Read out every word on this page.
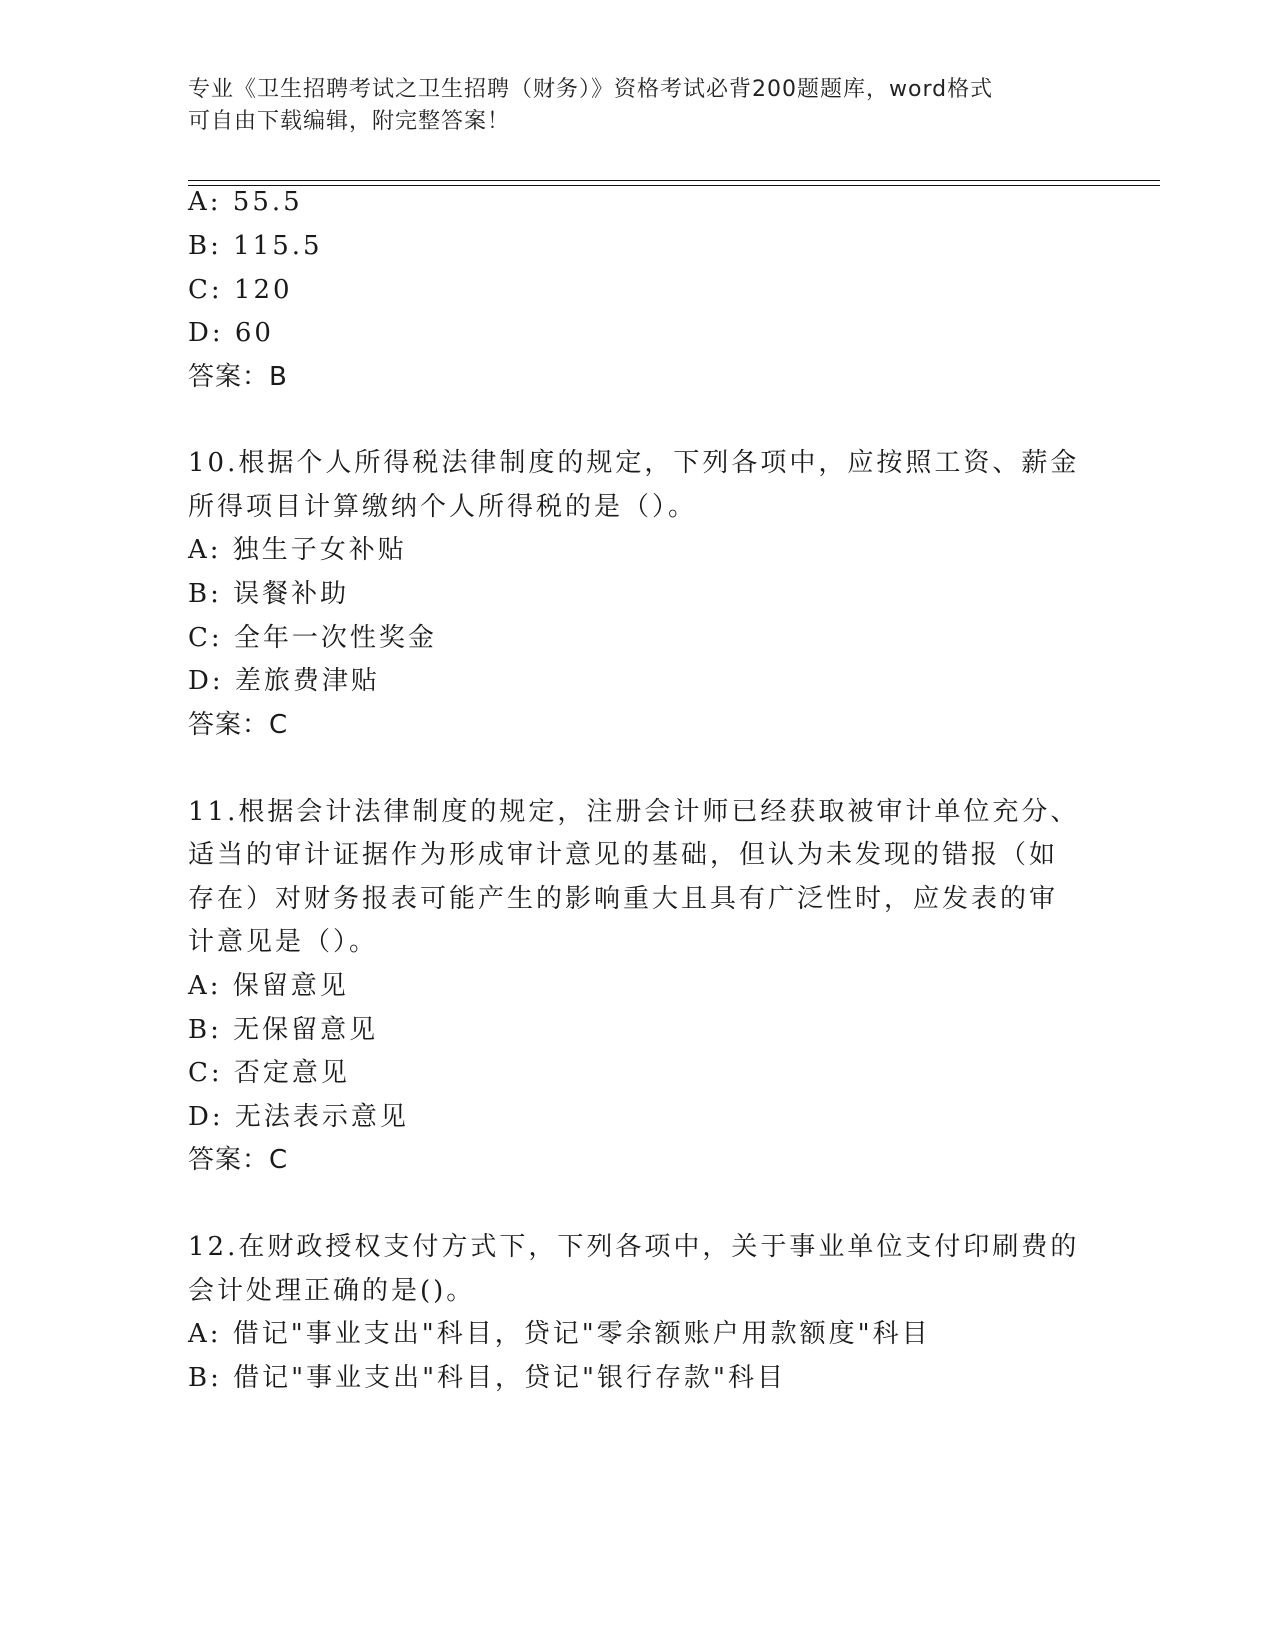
专业《卫生招聘考试之卫生招聘（财务）》资格考试必背200题题库，word格式
可自由下载编辑，附完整答案！
A: 55.5
B: 115.5
C: 120
D: 60
答案：B
10.根据个人所得税法律制度的规定，下列各项中，应按照工资、薪金
所得项目计算缴纳个人所得税的是（）。
A: 独生子女补贴
B: 误餐补助
C: 全年一次性奖金
D: 差旅费津贴
答案：C
11.根据会计法律制度的规定，注册会计师已经获取被审计单位充分、
适当的审计证据作为形成审计意见的基础，但认为未发现的错报（如
存在）对财务报表可能产生的影响重大且具有广泛性时，应发表的审
计意见是（）。
A: 保留意见
B: 无保留意见
C: 否定意见
D: 无法表示意见
答案：C
12.在财政授权支付方式下，下列各项中，关于事业单位支付印刷费的
会计处理正确的是()。
A: 借记"事业支出"科目，贷记"零余额账户用款额度"科目
B: 借记"事业支出"科目，贷记"银行存款"科目
